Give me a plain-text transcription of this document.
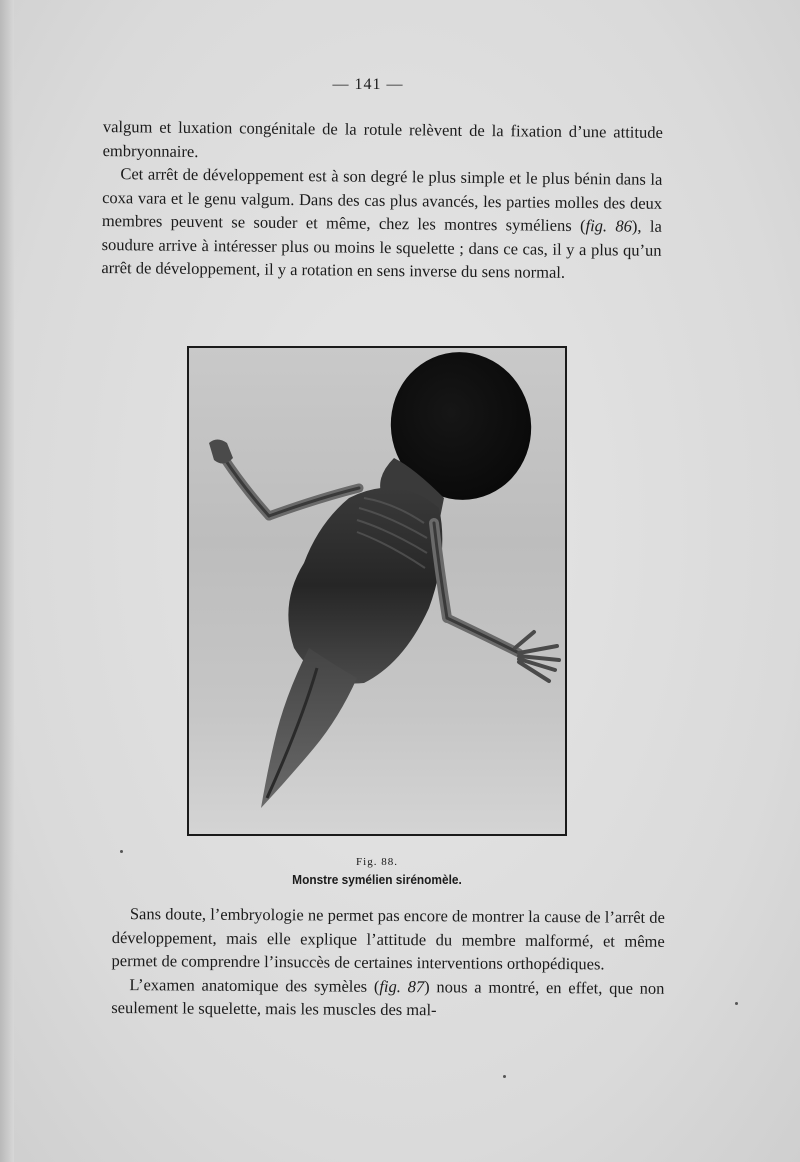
— 141 —

valgum et luxation congénitale de la rotule relèvent de la fixation d’une attitude embryonnaire.

Cet arrêt de développement est à son degré le plus simple et le plus bénin dans la coxa vara et le genu valgum. Dans des cas plus avancés, les parties molles des deux membres peuvent se souder et même, chez les montres syméliens (fig. 86), la soudure arrive à intéresser plus ou moins le squelette ; dans ce cas, il y a plus qu’un arrêt de développement, il y a rotation en sens inverse du sens normal.

Fig. 88.
Monstre symélien sirénomèle.

Sans doute, l’embryologie ne permet pas encore de montrer la cause de l’arrêt de développement, mais elle explique l’attitude du membre malformé, et même permet de comprendre l’insuccès de certaines interventions orthopédiques.

L’examen anatomique des symèles (fig. 87) nous a montré, en effet, que non seulement le squelette, mais les muscles des mal-
